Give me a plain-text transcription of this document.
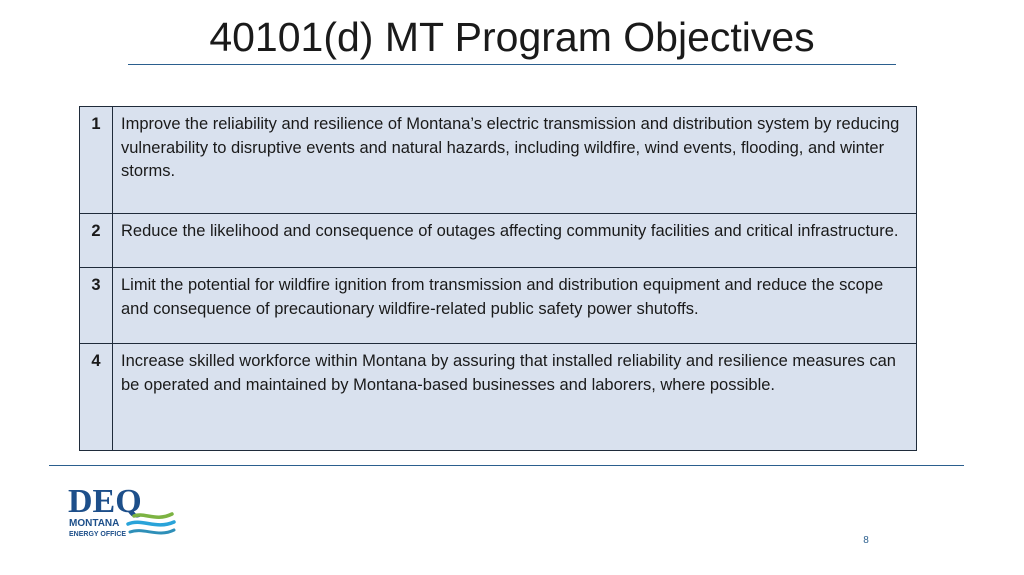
40101(d) MT Program Objectives
1	Improve the reliability and resilience of Montana’s electric transmission and distribution system by reducing vulnerability to disruptive events and natural hazards, including wildfire, wind events, flooding, and winter storms.
2	Reduce the likelihood and consequence of outages affecting community facilities and critical infrastructure.
3	Limit the potential for wildfire ignition from transmission and distribution equipment and reduce the scope and consequence of precautionary wildfire-related public safety power shutoffs.
4	Increase skilled workforce within Montana by assuring that installed reliability and resilience measures can be operated and maintained by Montana-based businesses and laborers, where possible.
DEQ
MONTANA
ENERGY OFFICE
8
